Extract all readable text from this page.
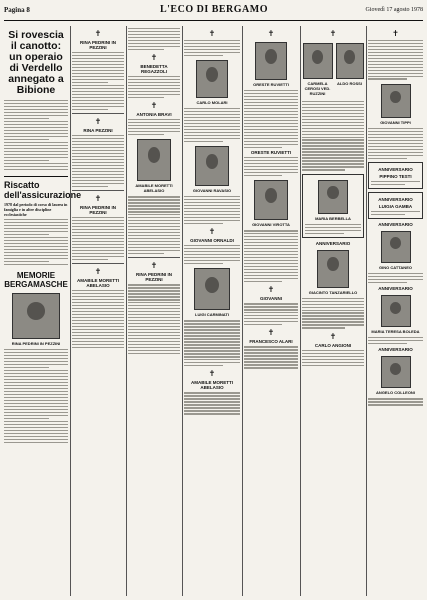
Pagina 8	L'ECO DI BERGAMO	Giovedì 17 agosto 1978
Si rovescia il canotto: un operaio di Verdello annegato a Bibione
Riscatto dell'assicurazione
1978 dal periodo di corso di laurea in famiglia e in altre discipline ecclesiastiche
MEMORIE BERGAMASCHE
RINA PEDRINI IN PEZZINI
✝
RINA PEDRINI IN PEZZINI
✝
RINA PEZZINI
✝
RINA PEDRINI IN PEZZINI
✝
AMABILE MORETTI ABELASIO
✝
BENEDETTA REGAZZOLI
✝
ANTONIA BRAVI
AMABILE MORETTI ABELASIO
✝
RINA PEDRINI IN PEZZINI
✝
CARLO MOLARI
GIOVANNI RAVASIO
✝
GIOVANNI ORNALDI
LUIGI CARMINATI
✝
AMABILE MORETTI ABELASIO
✝
ORESTE RUVIETTI
ORESTE RUVIETTI
GIOVANNI VIROTTA
✝
GIOVANNI
✝
FRANCESCO ALARI
✝
CARMELA CEROSI VED. RUZZINI
ALDO ROSSI
MARIA BERBELLA
ANNIVERSARIO
GIACINTO TANZARIELLO
✝
CARLO ANGIONI
✝
GIOVANNI TIPPI
ANNIVERSARIO
PIPPINO TESTI
ANNIVERSARIO
LUIGIA GAMBA
ANNIVERSARIO
GINO CATTANEO
ANNIVERSARIO
MARIA TERESA BOLEDA
ANNIVERSARIO
ANGELO COLLEONI
